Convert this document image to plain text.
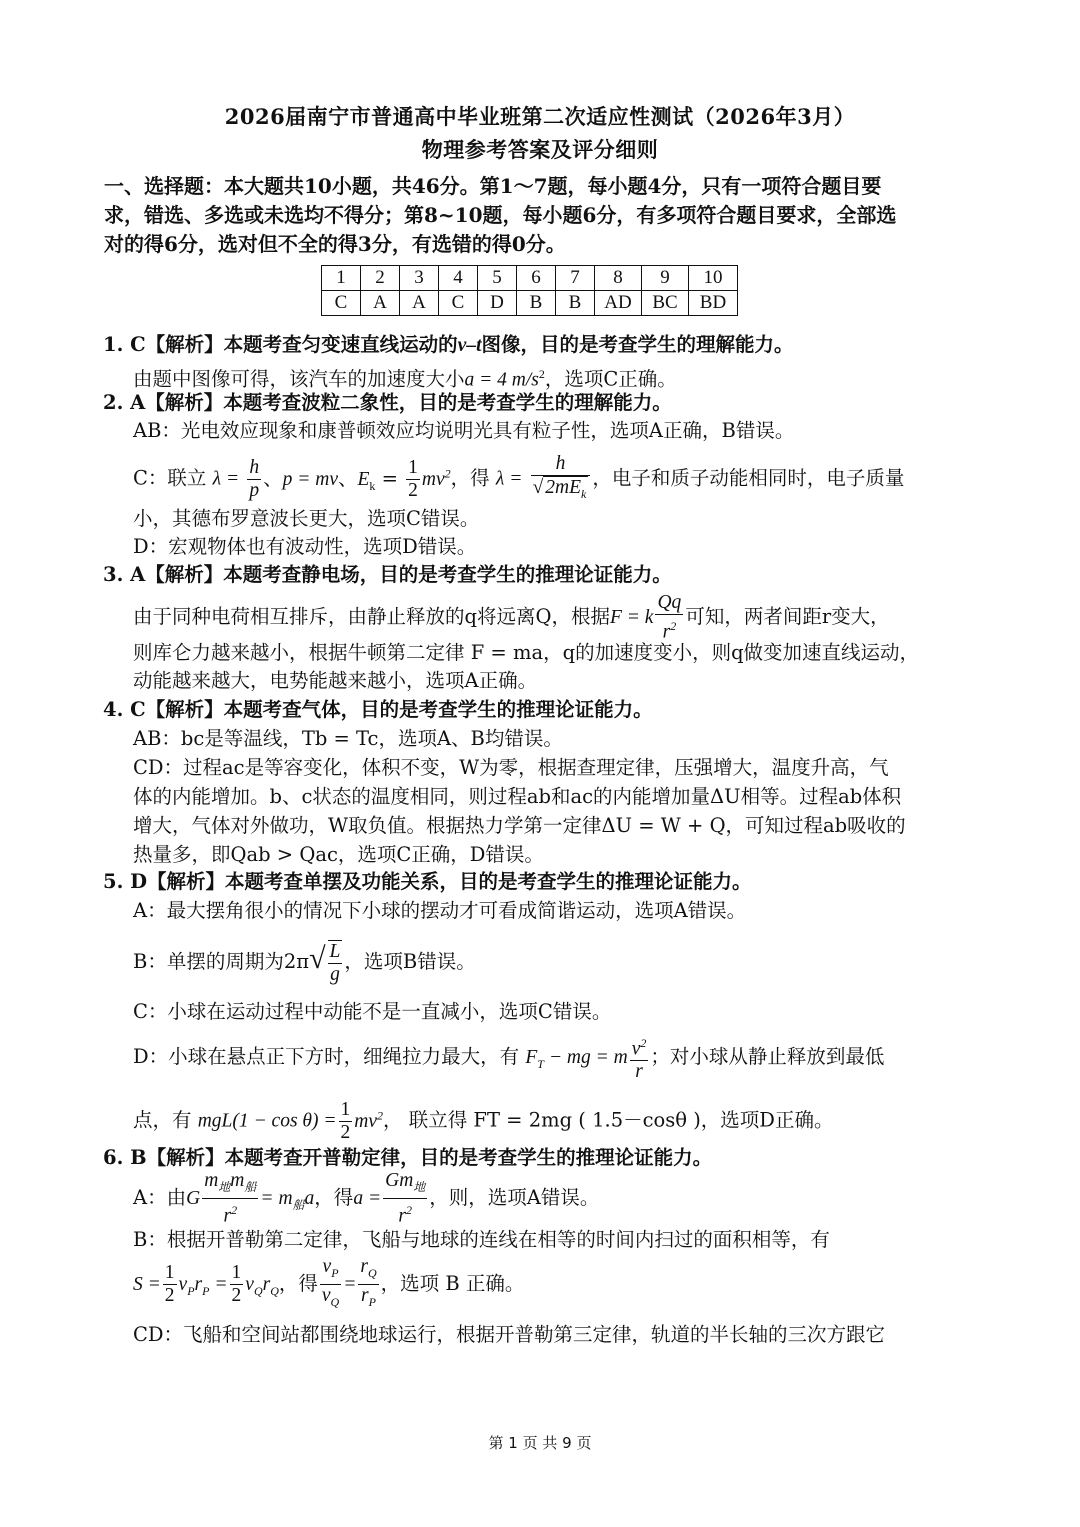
2026届南宁市普通高中毕业班第二次适应性测试（2026年3月）
物理参考答案及评分细则
一、选择题：本大题共10小题，共46分。第1～7题，每小题4分，只有一项符合题目要
求，错选、多选或未选均不得分；第8~10题，每小题6分，有多项符合题目要求，全部选
对的得6分，选对但不全的得3分，有选错的得0分。
1	2	3	4	5	6	7	8	9	10
C	A	A	C	D	B	B	AD	BC	BD
1. C【解析】本题考查匀变速直线运动的v–t图像，目的是考查学生的理解能力。
由题中图像可得，该汽车的加速度大小a = 4 $m/s^2$，选项C正确。
2. A【解析】本题考查波粒二象性，目的是考查学生的理解能力。
AB：光电效应现象和康普顿效应均说明光具有粒子性，选项A正确，B错误。
C：联立 $\lambda = \frac{h}{p}$ 、p = mv、$E_k = \frac{1}{2} mv^2$，得 $\lambda = \frac{h}{√ 2mE_k}$ ，电子和质子动能相同时，电子质量
小，其德布罗意波长更大，选项C错误。
D：宏观物体也有波动性，选项D错误。
3. A【解析】本题考查静电场，目的是考查学生的推理论证能力。
由于同种电荷相互排斥，由静止释放的q将远离Q，根据F = k $\frac{Qq}{r^2}$ 可知，两者间距r变大，
则库仑力越来越小，根据牛顿第二定律 F = ma，q的加速度变小，则q做变加速直线运动，
动能越来越大，电势能越来越小，选项A正确。
4. C【解析】本题考查气体，目的是考查学生的推理论证能力。
AB：bc是等温线，Tb = Tc，选项A、B均错误。
CD：过程ac是等容变化，体积不变，W为零，根据查理定律，压强增大，温度升高，气
体的内能增加。b、c状态的温度相同，则过程ab和ac的内能增加量ΔU相等。过程ab体积
增大，气体对外做功，W取负值。根据热力学第一定律ΔU = W + Q，可知过程ab吸收的
热量多，即Qab > Qac，选项C正确，D错误。
5. D【解析】本题考查单摆及功能关系，目的是考查学生的推理论证能力。
A：最大摆角很小的情况下小球的摆动才可看成简谐运动，选项A错误。
B：单摆的周期为$2\pi√ \frac{L}{g}$ ，选项B错误。
C：小球在运动过程中动能不是一直减小，选项C错误。
D：小球在悬点正下方时，细绳拉力最大，有 $F_T$ − mg = m $\frac{v^2}{r}$ ；对小球从静止释放到最低
点，有 $mgL(1 - \cos \theta) = \frac{1}{2} mv^2$， 联立得 FT = 2mg ( 1.5－cosθ )，选项D正确。
6. B【解析】本题考查开普勒定律，目的是考查学生的推理论证能力。
A：由G $\frac{m_地m_船}{r^2} = m_船a$，得$a = \frac{Gm_地}{r^2}$ ，则，选项A错误。
B：根据开普勒第二定律，飞船与地球的连线在相等的时间内扫过的面积相等，有
$S = \frac{1}{2} v_Pr_P = \frac{1}{2} v_Qr_Q$，得 $\frac{v_P}{v_Q} = \frac{r_Q}{r_P}$ ，选项 B 正确。
CD：飞船和空间站都围绕地球运行，根据开普勒第三定律，轨道的半长轴的三次方跟它
第 1 页 共 9 页
